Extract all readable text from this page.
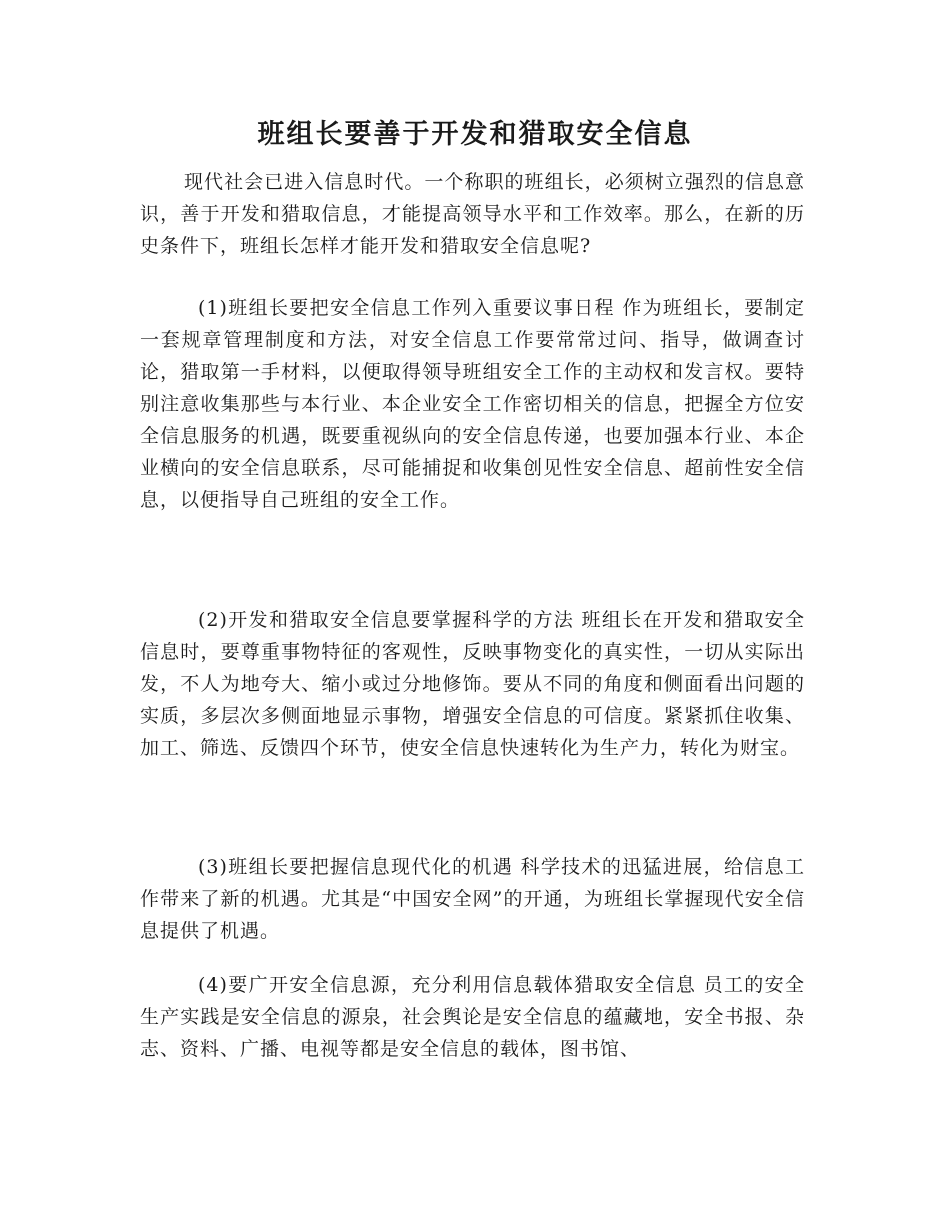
班组长要善于开发和猎取安全信息

现代社会已进入信息时代。一个称职的班组长，必须树立强烈的信息意识，善于开发和猎取信息，才能提高领导水平和工作效率。那么，在新的历史条件下，班组长怎样才能开发和猎取安全信息呢?

(1)班组长要把安全信息工作列入重要议事日程 作为班组长，要制定一套规章管理制度和方法，对安全信息工作要常常过问、指导，做调查讨论，猎取第一手材料，以便取得领导班组安全工作的主动权和发言权。要特别注意收集那些与本行业、本企业安全工作密切相关的信息，把握全方位安全信息服务的机遇，既要重视纵向的安全信息传递，也要加强本行业、本企业横向的安全信息联系，尽可能捕捉和收集创见性安全信息、超前性安全信息，以便指导自己班组的安全工作。

(2)开发和猎取安全信息要掌握科学的方法 班组长在开发和猎取安全信息时，要尊重事物特征的客观性，反映事物变化的真实性，一切从实际出发，不人为地夸大、缩小或过分地修饰。要从不同的角度和侧面看出问题的实质，多层次多侧面地显示事物，增强安全信息的可信度。紧紧抓住收集、加工、筛选、反馈四个环节，使安全信息快速转化为生产力，转化为财宝。

(3)班组长要把握信息现代化的机遇 科学技术的迅猛进展，给信息工作带来了新的机遇。尤其是“中国安全网”的开通，为班组长掌握现代安全信息提供了机遇。

(4)要广开安全信息源，充分利用信息载体猎取安全信息 员工的安全生产实践是安全信息的源泉，社会舆论是安全信息的蕴藏地，安全书报、杂志、资料、广播、电视等都是安全信息的载体，图书馆、
